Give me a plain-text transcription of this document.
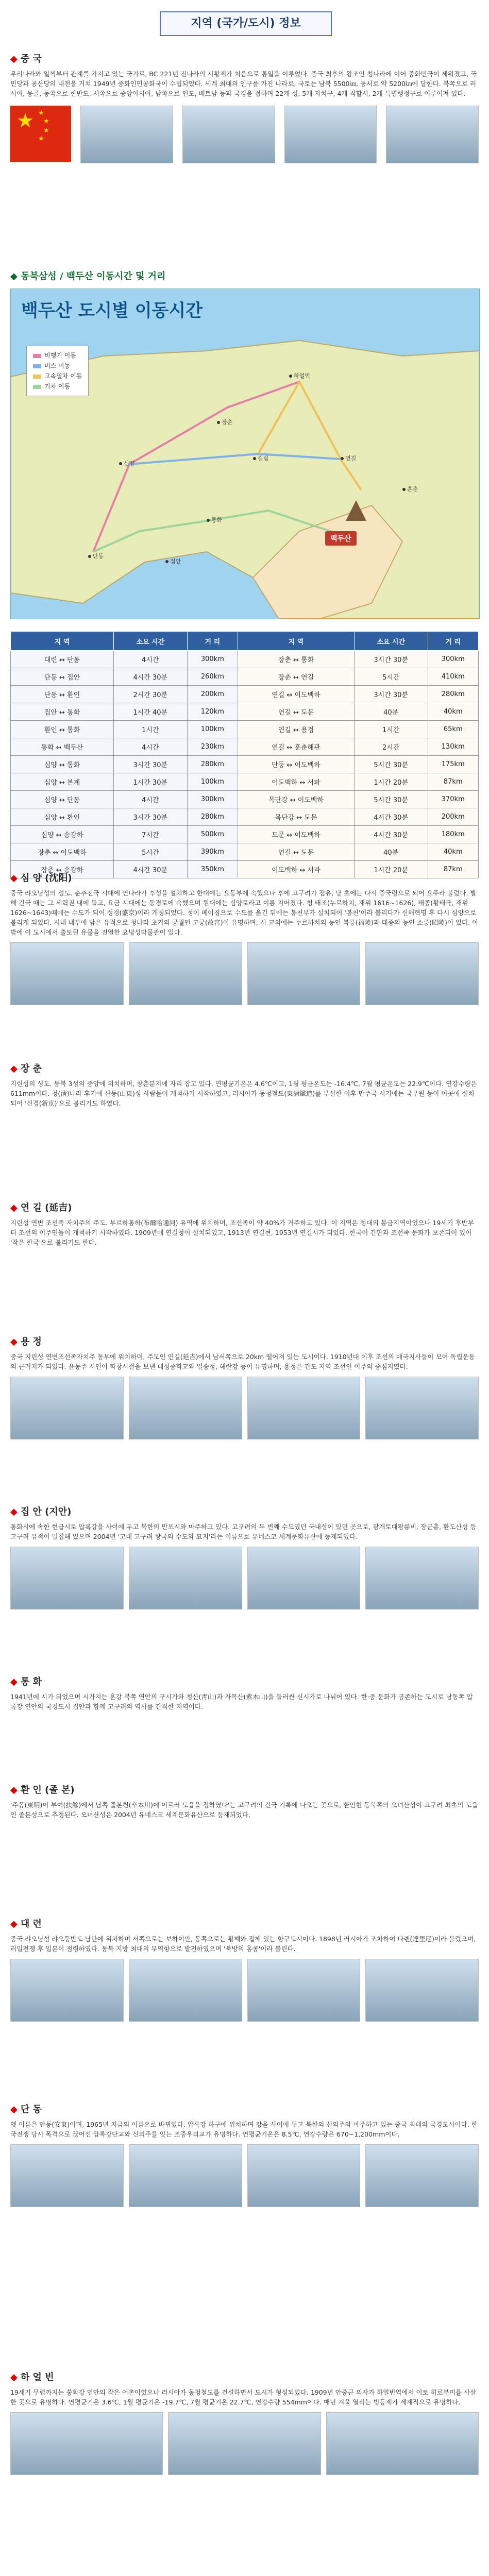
지역 (국가/도시) 정보
◆ 중 국

우리나라와 일찍부터 관계를 가지고 있는 국가로, BC 221년 진나라의 시황제가 처음으로 통일을 이루었다. 중국 최후의 왕조인 청나라에 이어 중화민국이 세워졌고, 국민당과 공산당의 내전을 거쳐 1949년 중화인민공화국이 수립되었다. 세계 최대의 인구를 가진 나라로, 국토는 남북 5500㎞, 동서로 약 5200㎞에 달한다. 북쪽으로 러시아, 몽골, 동쪽으로 한반도, 서쪽으로 중앙아시아, 남쪽으로 인도, 베트남 등과 국경을 접하며 22개 성, 5개 자치구, 4개 직할시, 2개 특별행정구로 이루어져 있다.

★ ★
★
★
★
◆ 동북삼성 / 백두산 이동시간 및 거리
백두산 도시별 이동시간
비행기 이동
버스 이동
고속열차 이동
기차 이동
하얼빈
장춘
길림	연길
심양
단동
통화
집안
훈춘
백두산
지 역	소요 시간	거 리	지 역	소요 시간	거 리
대련 ↔ 단동	4시간	300km	장춘 ↔ 통화	3시간 30분	300km
단동 ↔ 집안	4시간 30분	260km	장춘 ↔ 연길	5시간	410km
단동 ↔ 환인	2시간 30분	200km	연길 ↔ 이도백하	3시간 30분	280km
집안 ↔ 통화	1시간 40분	120km	연길 ↔ 도문	40분	40km
환인 ↔ 통화	1시간	100km	연길 ↔ 용정	1시간	65km
통화 ↔ 백두산	4시간	230km	연길 ↔ 훈춘해관	2시간	130km
심양 ↔ 통화	3시간 30분	280km	단둥 ↔ 이도백하	5시간 30분	175km
심양 ↔ 본계	1시간 30분	100km	이도백하 ↔ 서파	1시간 20분	87km
심양 ↔ 단동	4시간	300km	목단강 ↔ 이도백하	5시간 30분	370km
심양 ↔ 환인	3시간 30분	280km	목단강 ↔ 도문	4시간 30분	200km
심양 ↔ 송강하	7시간	500km	도문 ↔ 이도백하	4시간 30분	180km
장춘 ↔ 이도백하	5시간	390km	연길 ↔ 도문	40분	40km
장춘 ↔ 송강하	4시간 30분	350km	이도백하 ↔ 서파	1시간 20분	87km
◆ 심 양 (沈阳)

중국 랴오닝성의 성도. 춘추전국 시대에 연나라가 후성을 설치하고 한대에는 요동부에 속했으나 후에 고구려가 점유, 당 초에는 다시 중국령으로 되어 요주라 불렀다. 발해 건국 때는 그 세력권 내에 들고, 요금 시대에는 동경로에 속했으며 원대에는 심양로라고 이름 지어졌다. 청 태조(누르하치, 재위 1616~1626), 태종(황태극, 재위 1626~1643)때에는 수도가 되어 성경(盛京)이라 개칭되었다. 청이 베이징으로 수도를 옮긴 뒤에는 봉천부가 설치되어 '봉천'이라 불리다가 신해혁명 후 다시 심양으로 불리게 되었다. 시내 내부에 남은 유적으로 청나라 초기의 궁궐인 고궁(故宮)이 유명하며, 시 교외에는 누르하치의 능인 복릉(福陵)과 태종의 능인 소릉(昭陵)이 있다. 이밖에 이 도시에서 출토된 유물을 진열한 요녕성박물관이 있다.

◆ 장 춘

지린성의 성도. 동북 3성의 중앙에 위치하며, 창춘분지에 자리 잡고 있다. 연평균기온은 4.6℃이고, 1월 평균온도는 -16.4℃, 7월 평균온도는 22.9℃이다. 연강수량은 611mm이다. 청(淸)나라 후기에 산동(山東)성 사람들이 개척하기 시작하였고, 러시아가 동청철도(東淸鐵道)를 부설한 이후 만주국 시기에는 국무원 등이 이곳에 설치되어 '신경(新京)'으로 불리기도 하였다.

◆ 연 길 (延吉)

지린성 연변 조선족 자치주의 주도. 부르하통하(布爾哈通河) 유역에 위치하며, 조선족이 약 40%가 거주하고 있다. 이 지역은 청대의 봉금지역이었으나 19세기 후반부터 조선의 이주민들이 개척하기 시작하였다. 1909년에 연길청이 설치되었고, 1913년 연길현, 1953년 연길시가 되었다. 한국어 간판과 조선족 문화가 보존되어 있어 '작은 한국'으로 불리기도 한다.

◆ 용 정

중국 지린성 연변조선족자치주 동부에 위치하며, 주도인 연길(延吉)에서 남서쪽으로 20km 떨어져 있는 도시이다. 1910년대 이후 조선의 애국지사들이 모여 독립운동의 근거지가 되었다. 윤동주 시인이 학창시절을 보낸 대성중학교와 일송정, 해란강 등이 유명하며, 용정은 간도 지역 조선인 이주의 중심지였다.

◆ 집 안 (지안)

통화시에 속한 현급시로 압록강을 사이에 두고 북한의 만포시와 마주하고 있다. 고구려의 두 번째 수도였던 국내성이 있던 곳으로, 광개토대왕릉비, 장군총, 환도산성 등 고구려 유적이 밀집해 있으며 2004년 '고대 고구려 왕국의 수도와 묘지'라는 이름으로 유네스코 세계문화유산에 등재되었다.

◆ 통 화

1941년에 시가 되었으며 시가지는 혼강 북쪽 연안의 구시가와 청산(靑山)과 자목산(紫木山)을 둘러싼 신시가로 나뉘어 있다. 한·중 문화가 공존하는 도시로 남동쪽 압록강 연안의 국경도시 집안과 함께 고구려의 역사를 간직한 지역이다.

◆ 환 인 (졸 본)

'주몽(東明)이 부여(扶餘)에서 남쪽 졸본천(卒本川)에 이르러 도읍을 정하였다'는 고구려의 건국 기록에 나오는 곳으로, 환인현 동북쪽의 오녀산성이 고구려 최초의 도읍인 졸본성으로 추정된다. 오녀산성은 2004년 유네스코 세계문화유산으로 등재되었다.

◆ 대 련

중국 랴오닝성 랴오둥반도 남단에 위치하며 서쪽으로는 보하이만, 동쪽으로는 황해와 접해 있는 항구도시이다. 1898년 러시아가 조차하여 다롄(達里尼)이라 불렀으며, 러일전쟁 후 일본이 점령하였다. 동북 지방 최대의 무역항으로 발전하였으며 '북방의 홍콩'이라 불린다.

◆ 단 동

옛 이름은 안동(安東)이며, 1965년 지금의 이름으로 바뀌었다. 압록강 하구에 위치하며 강을 사이에 두고 북한의 신의주와 마주하고 있는 중국 최대의 국경도시이다. 한국전쟁 당시 폭격으로 끊어진 압록강단교와 신의주를 잇는 조중우의교가 유명하다. 연평균기온은 8.5℃, 연강수량은 670~1,200mm이다.

◆ 하 얼 빈

19세기 무렵까지는 쑹화강 연안의 작은 어촌이었으나 러시아가 동청철도를 건설하면서 도시가 형성되었다. 1909년 안중근 의사가 하얼빈역에서 이토 히로부미를 사살한 곳으로 유명하다. 연평균기온 3.6℃, 1월 평균기온 -19.7℃, 7월 평균기온 22.7℃, 연강수량 554mm이다. 매년 겨울 열리는 빙등제가 세계적으로 유명하다.
